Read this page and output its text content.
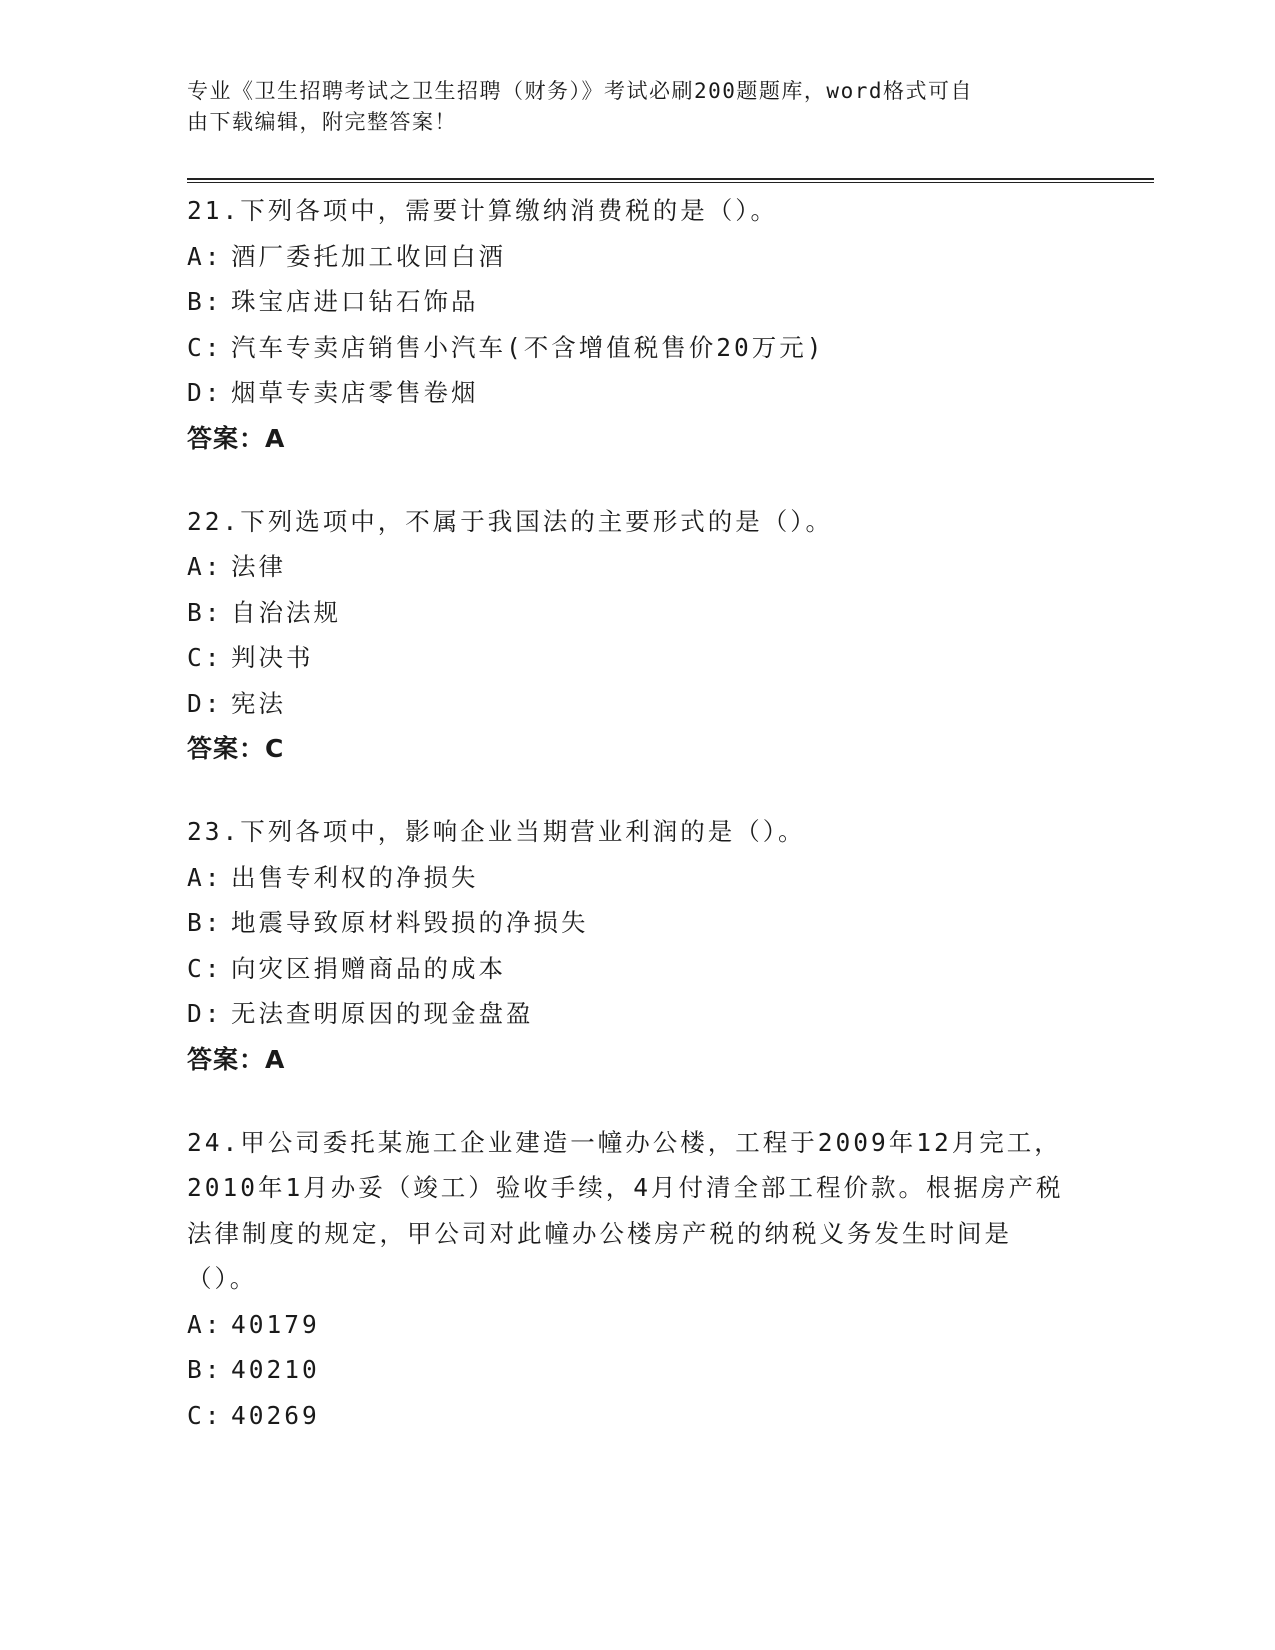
专业《卫生招聘考试之卫生招聘（财务）》考试必刷200题题库，word格式可自
由下载编辑，附完整答案！

21.下列各项中，需要计算缴纳消费税的是（）。

A: 酒厂委托加工收回白酒
B: 珠宝店进口钻石饰品
C: 汽车专卖店销售小汽车(不含增值税售价20万元)
D: 烟草专卖店零售卷烟
答案：A

22.下列选项中，不属于我国法的主要形式的是（）。

A: 法律
B: 自治法规
C: 判决书
D: 宪法
答案：C

23.下列各项中，影响企业当期营业利润的是（）。

A: 出售专利权的净损失
B: 地震导致原材料毁损的净损失
C: 向灾区捐赠商品的成本
D: 无法查明原因的现金盘盈
答案：A

24.甲公司委托某施工企业建造一幢办公楼，工程于2009年12月完工，2010年1月办妥（竣工）验收手续，4月付清全部工程价款。根据房产税法律制度的规定，甲公司对此幢办公楼房产税的纳税义务发生时间是（）。

A: 40179
B: 40210
C: 40269
